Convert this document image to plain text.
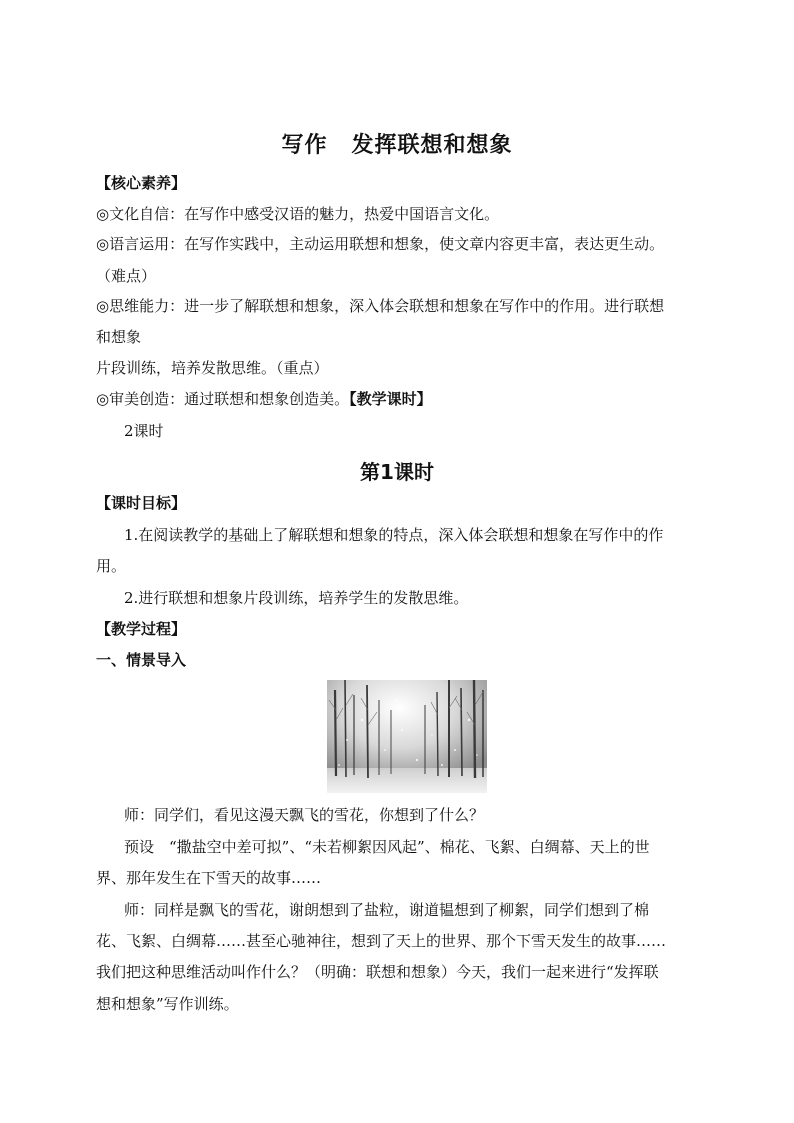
写作 发挥联想和想象
【核心素养】
◎文化自信：在写作中感受汉语的魅力，热爱中国语言文化。
◎语言运用：在写作实践中，主动运用联想和想象，使文章内容更丰富，表达更生动。
（难点）
◎思维能力：进一步了解联想和想象，深入体会联想和想象在写作中的作用。进行联想
和想象
片段训练，培养发散思维。（重点）
◎审美创造：通过联想和想象创造美。【教学课时】
2课时
第1课时
【课时目标】
1.在阅读教学的基础上了解联想和想象的特点，深入体会联想和想象在写作中的作
用。
2.进行联想和想象片段训练，培养学生的发散思维。
【教学过程】
一、情景导入
师：同学们，看见这漫天飘飞的雪花，你想到了什么？
预设　“撒盐空中差可拟”、“未若柳絮因风起”、棉花、飞絮、白绸幕、天上的世
界、那年发生在下雪天的故事……
师：同样是飘飞的雪花，谢朗想到了盐粒，谢道韫想到了柳絮，同学们想到了棉
花、飞絮、白绸幕……甚至心驰神往，想到了天上的世界、那个下雪天发生的故事……
我们把这种思维活动叫作什么？（明确：联想和想象）今天，我们一起来进行“发挥联
想和想象”写作训练。
